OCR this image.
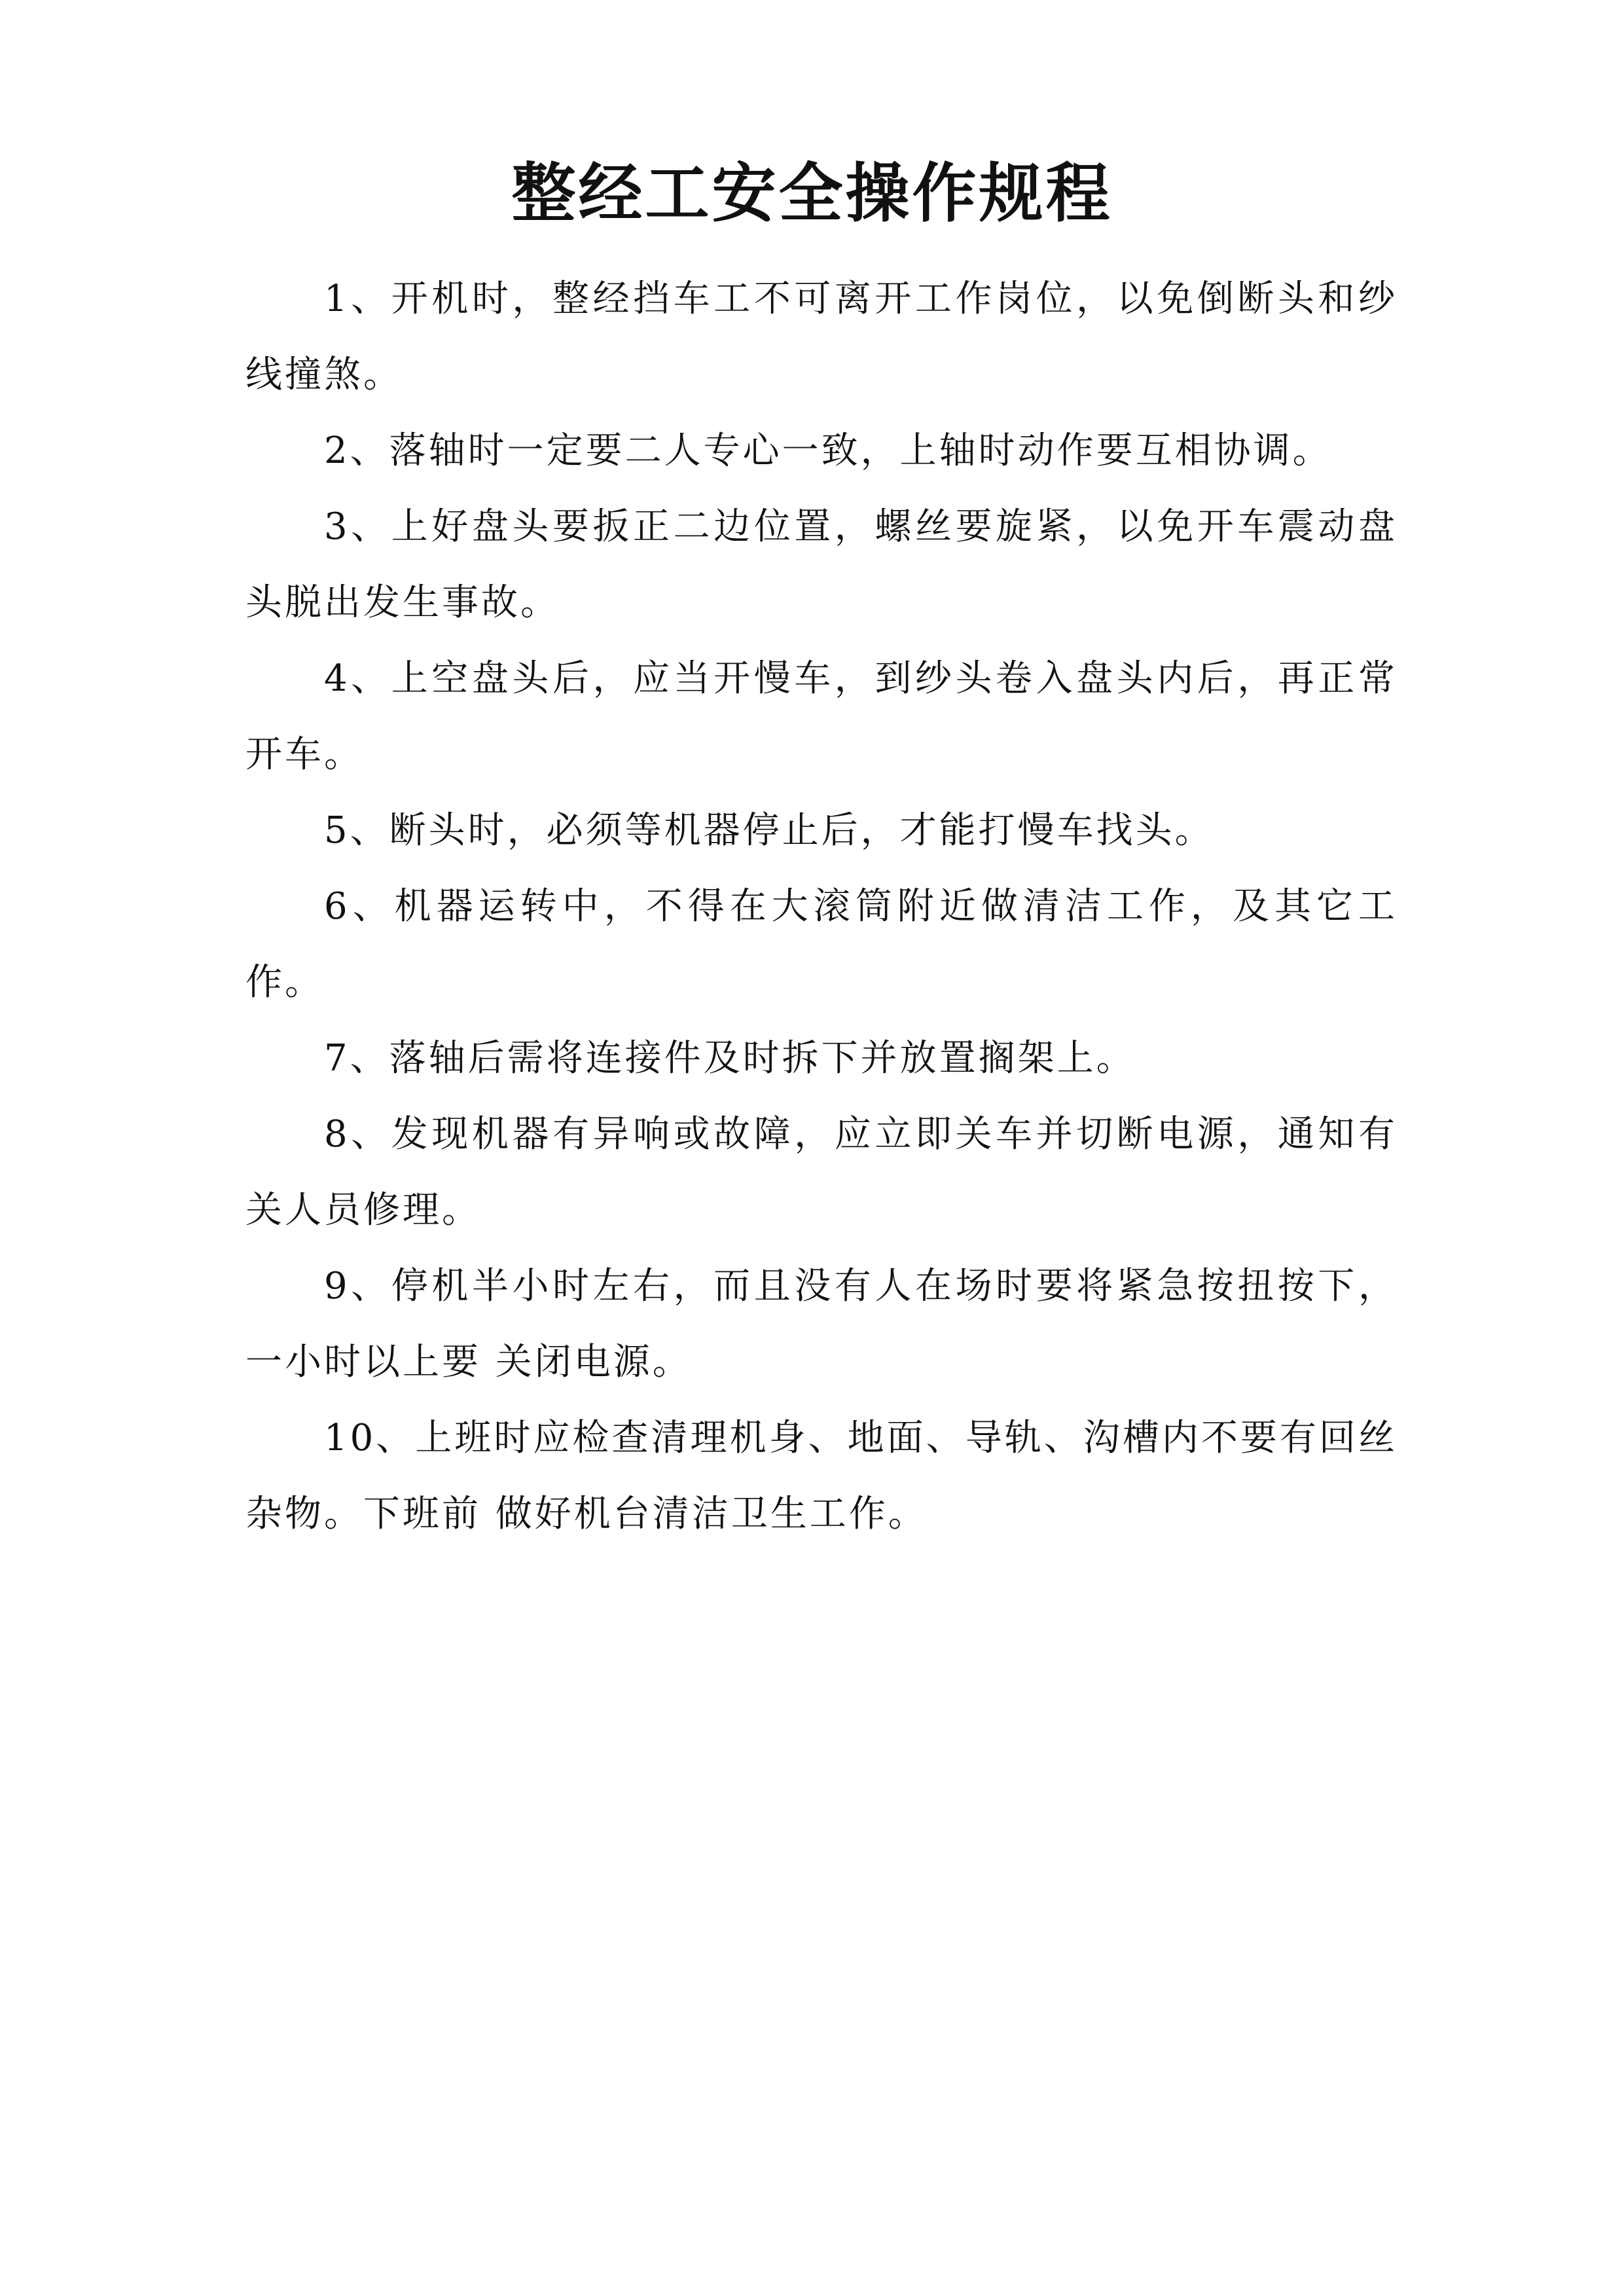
整经工安全操作规程

1、开机时，整经挡车工不可离开工作岗位，以免倒断头和纱线撞煞。

2、落轴时一定要二人专心一致，上轴时动作要互相协调。

3、上好盘头要扳正二边位置，螺丝要旋紧，以免开车震动盘头脱出发生事故。

4、上空盘头后，应当开慢车，到纱头卷入盘头内后，再正常开车。

5、断头时，必须等机器停止后，才能打慢车找头。

6、机器运转中，不得在大滚筒附近做清洁工作，及其它工作。

7、落轴后需将连接件及时拆下并放置搁架上。

8、发现机器有异响或故障，应立即关车并切断电源，通知有关人员修理。

9、停机半小时左右，而且没有人在场时要将紧急按扭按下，一小时以上要 关闭电源。

10、上班时应检查清理机身、地面、导轨、沟槽内不要有回丝杂物。下班前 做好机台清洁卫生工作。
